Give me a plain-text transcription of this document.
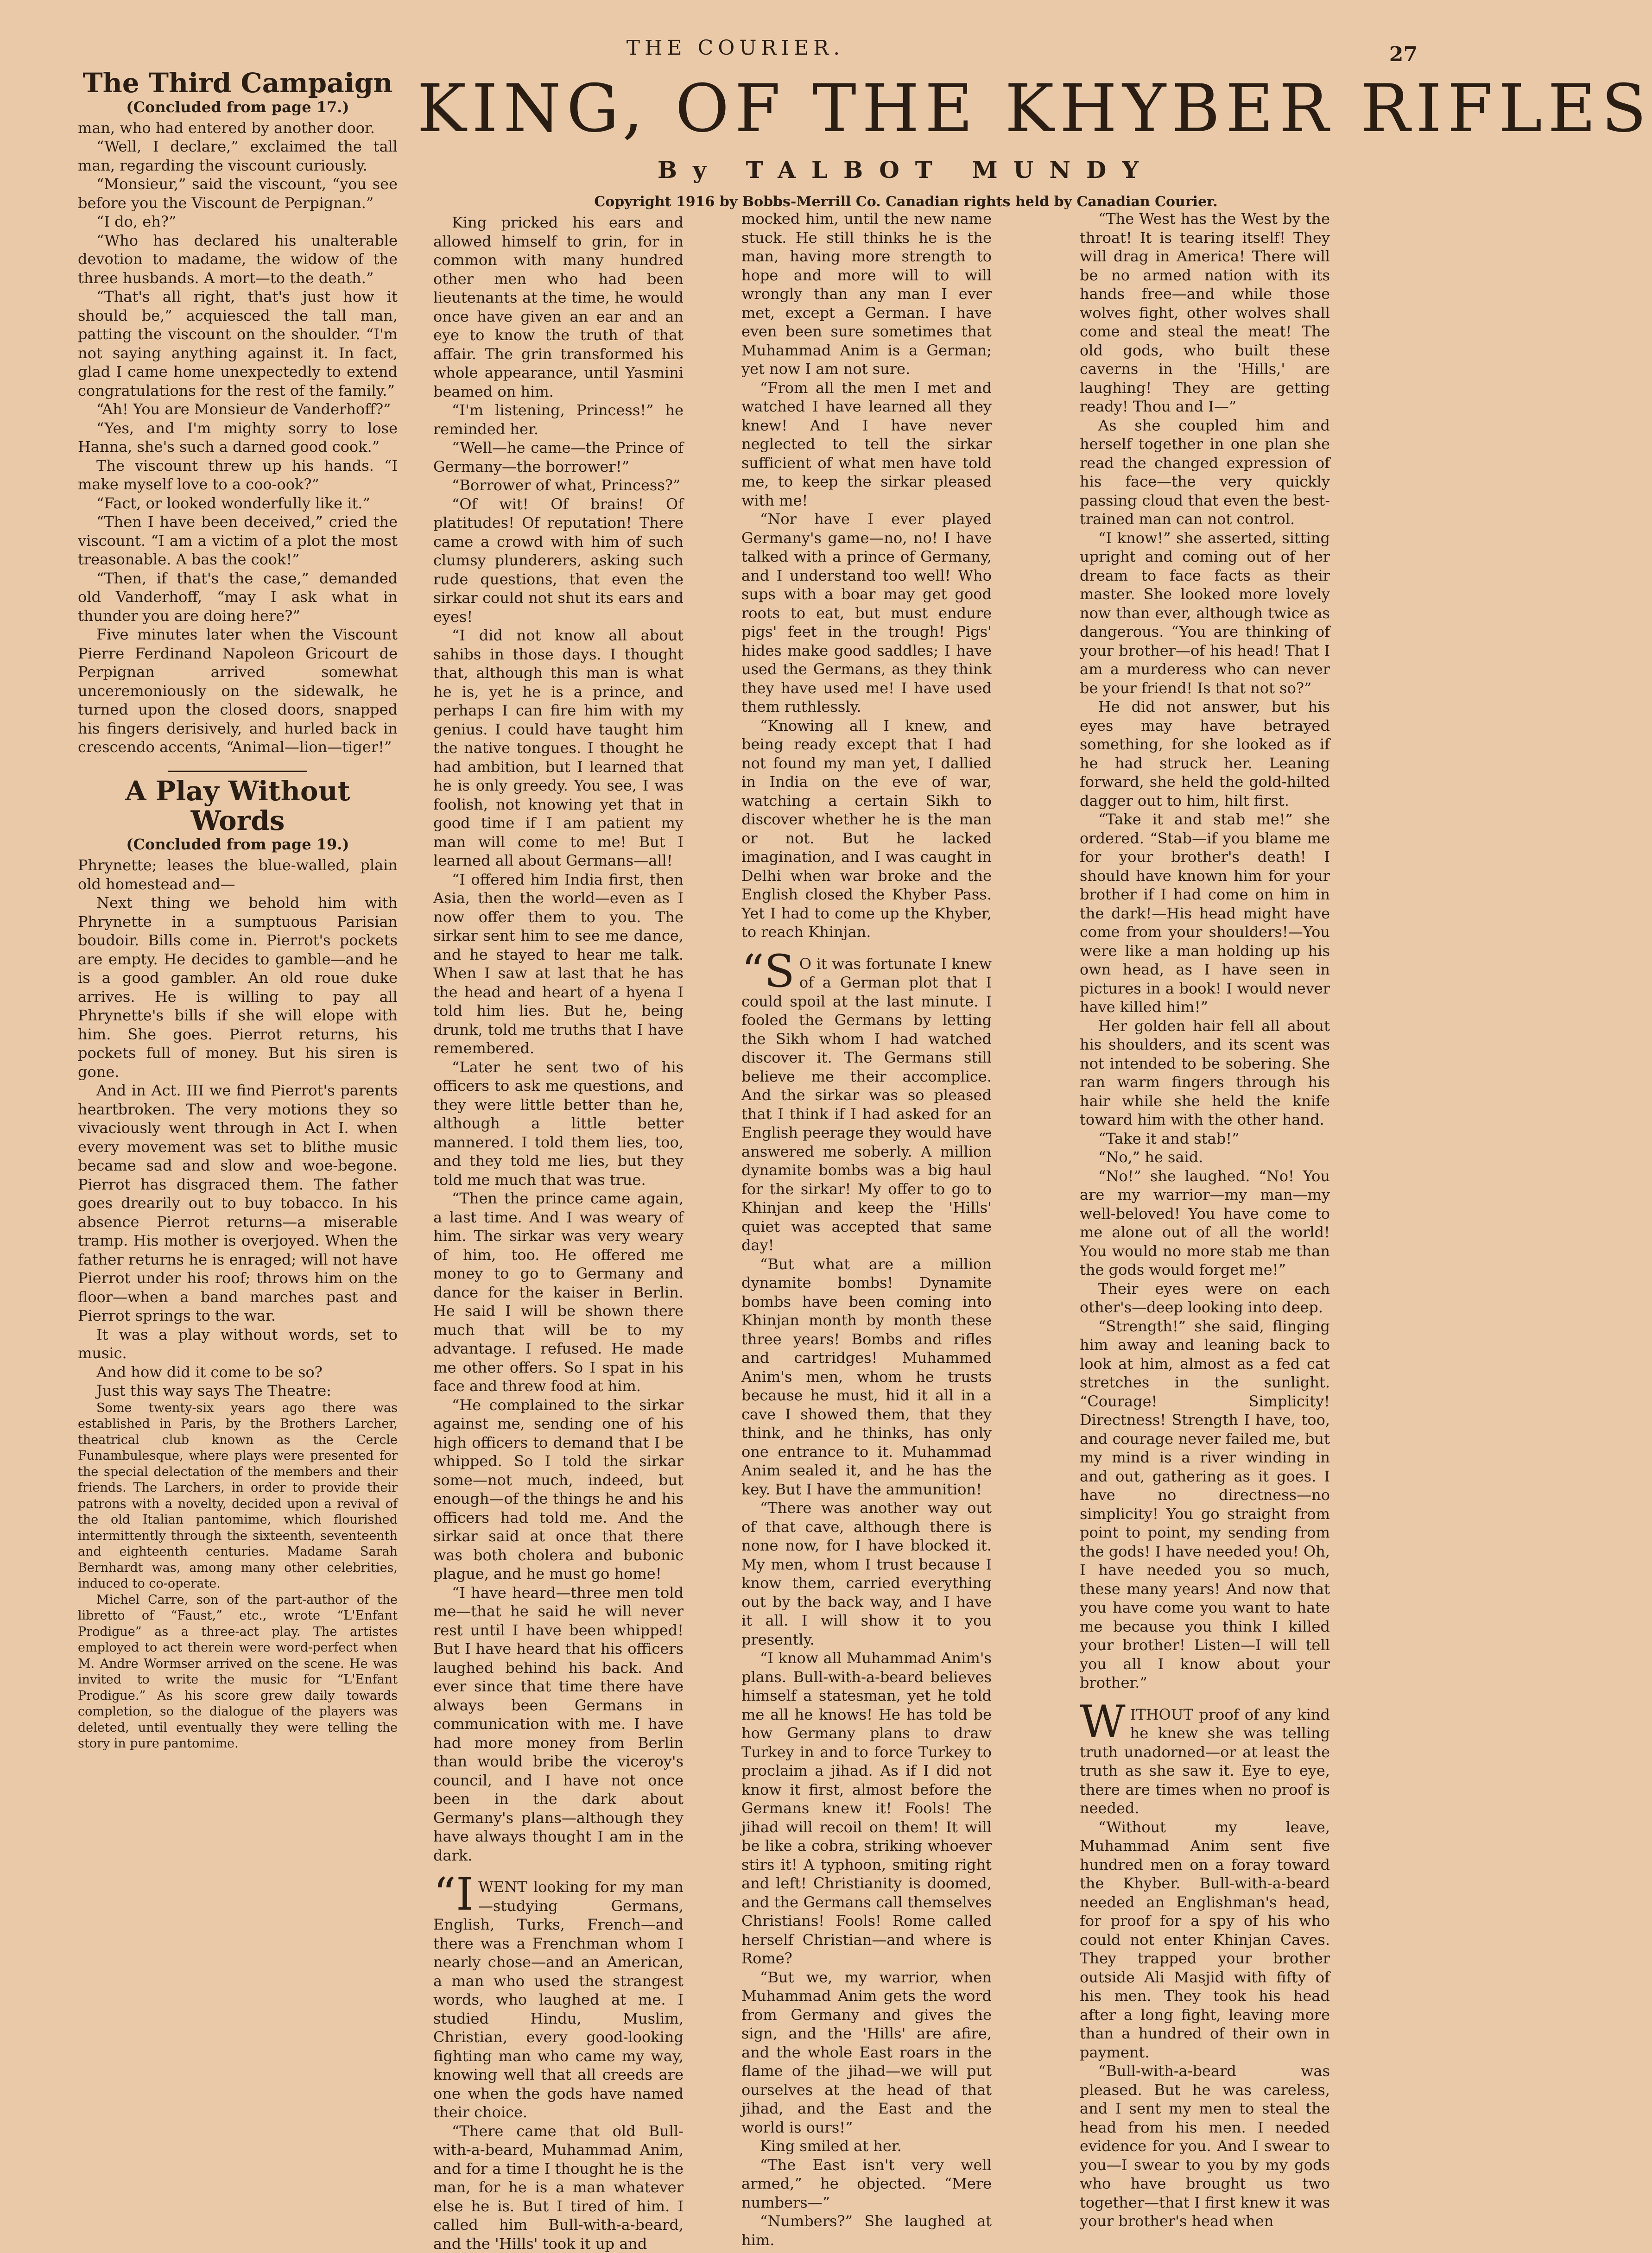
THE COURIER.	27
The Third Campaign
(Concluded from page 17.)

man, who had entered by another door.

“Well, I declare,” exclaimed the tall man, regarding the viscount curiously.

“Monsieur,” said the viscount, “you see before you the Viscount de Perpignan.”

“I do, eh?”

“Who has declared his unalterable devotion to madame, the widow of the three husbands. A mort—to the death.”

“That's all right, that's just how it should be,” acquiesced the tall man, patting the viscount on the shoulder. “I'm not saying anything against it. In fact, glad I came home unexpectedly to extend congratulations for the rest of the family.”

“Ah! You are Monsieur de Vanderhoff?”

“Yes, and I'm mighty sorry to lose Hanna, she's such a darned good cook.”

The viscount threw up his hands. “I make myself love to a coo-ook?”

“Fact, or looked wonderfully like it.”

“Then I have been deceived,” cried the viscount. “I am a victim of a plot the most treasonable. A bas the cook!”

“Then, if that's the case,” demanded old Vanderhoff, “may I ask what in thunder you are doing here?”

Five minutes later when the Viscount Pierre Ferdinand Napoleon Gricourt de Perpignan arrived somewhat unceremoniously on the sidewalk, he turned upon the closed doors, snapped his fingers derisively, and hurled back in crescendo accents, “Animal—lion—tiger!”

A Play Without Words
(Concluded from page 19.)

Phrynette; leases the blue-walled, plain old homestead and—

Next thing we behold him with Phrynette in a sumptuous Parisian boudoir. Bills come in. Pierrot's pockets are empty. He decides to gamble—and he is a good gambler. An old roue duke arrives. He is willing to pay all Phrynette's bills if she will elope with him. She goes. Pierrot returns, his pockets full of money. But his siren is gone.

And in Act. III we find Pierrot's parents heartbroken. The very motions they so vivaciously went through in Act I. when every movement was set to blithe music became sad and slow and woe-begone. Pierrot has disgraced them. The father goes drearily out to buy tobacco. In his absence Pierrot returns—a miserable tramp. His mother is overjoyed. When the father returns he is enraged; will not have Pierrot under his roof; throws him on the floor—when a band marches past and Pierrot springs to the war.

It was a play without words, set to music.

And how did it come to be so?

Just this way says The Theatre:

Some twenty-six years ago there was established in Paris, by the Brothers Larcher, theatrical club known as the Cercle Funambulesque, where plays were presented for the special delectation of the members and their friends. The Larchers, in order to provide their patrons with a novelty, decided upon a revival of the old Italian pantomime, which flourished intermittently through the sixteenth, seventeenth and eighteenth centuries. Madame Sarah Bernhardt was, among many other celebrities, induced to co-operate.

Michel Carre, son of the part-author of the libretto of “Faust,” etc., wrote “L'Enfant Prodigue” as a three-act play. The artistes employed to act therein were word-perfect when M. Andre Wormser arrived on the scene. He was invited to write the music for “L'Enfant Prodigue.” As his score grew daily towards completion, so the dialogue of the players was deleted, until eventually they were telling the story in pure pantomime.

KING, OF THE KHYBER RIFLES
By TALBOT MUNDY
Copyright 1916 by Bobbs-Merrill Co. Canadian rights held by Canadian Courier.

King pricked his ears and allowed himself to grin, for in common with many hundred other men who had been lieutenants at the time, he would once have given an ear and an eye to know the truth of that affair. The grin transformed his whole appearance, until Yasmini beamed on him.

“I'm listening, Princess!” he reminded her.

“Well—he came—the Prince of Germany—the borrower!”

“Borrower of what, Princess?”

“Of wit! Of brains! Of platitudes! Of reputation! There came a crowd with him of such clumsy plunderers, asking such rude questions, that even the sirkar could not shut its ears and eyes!

“I did not know all about sahibs in those days. I thought that, although this man is what he is, yet he is a prince, and perhaps I can fire him with my genius. I could have taught him the native tongues. I thought he had ambition, but I learned that he is only greedy. You see, I was foolish, not knowing yet that in good time if I am patient my man will come to me! But I learned all about Germans—all!

“I offered him India first, then Asia, then the world—even as I now offer them to you. The sirkar sent him to see me dance, and he stayed to hear me talk. When I saw at last that he has the head and heart of a hyena I told him lies. But he, being drunk, told me truths that I have remembered.

“Later he sent two of his officers to ask me questions, and they were little better than he, although a little better mannered. I told them lies, too, and they told me lies, but they told me much that was true.

“Then the prince came again, a last time. And I was weary of him. The sirkar was very weary of him, too. He offered me money to go to Germany and dance for the kaiser in Berlin. He said I will be shown there much that will be to my advantage. I refused. He made me other offers. So I spat in his face and threw food at him.

“He complained to the sirkar against me, sending one of his high officers to demand that I be whipped. So I told the sirkar some—not much, indeed, but enough—of the things he and his officers had told me. And the sirkar said at once that there was both cholera and bubonic plague, and he must go home!

“I have heard—three men told me—that he said he will never rest until I have been whipped! But I have heard that his officers laughed behind his back. And ever since that time there have always been Germans in communication with me. I have had more money from Berlin than would bribe the viceroy's council, and I have not once been in the dark about Germany's plans—although they have always thought I am in the dark.

“IWENT looking for my man—studying Germans, English, Turks, French—and there was a Frenchman whom I nearly chose—and an American, a man who used the strangest words, who laughed at me. I studied Hindu, Muslim, Christian, every good-looking fighting man who came my way, knowing well that all creeds are one when the gods have named their choice.

“There came that old Bull-with-a-beard, Muhammad Anim, and for a time I thought he is the man, for he is a man whatever else he is. But I tired of him. I called him Bull-with-a-beard, and the 'Hills' took it up and

mocked him, until the new name stuck. He still thinks he is the man, having more strength to hope and more will to will wrongly than any man I ever met, except a German. I have even been sure sometimes that Muhammad Anim is a German; yet now I am not sure.

“From all the men I met and watched I have learned all they knew! And I have never neglected to tell the sirkar sufficient of what men have told me, to keep the sirkar pleased with me!

“Nor have I ever played Germany's game—no, no! I have talked with a prince of Germany, and I understand too well! Who sups with a boar may get good roots to eat, but must endure pigs' feet in the trough! Pigs' hides make good saddles; I have used the Germans, as they think they have used me! I have used them ruthlessly.

“Knowing all I knew, and being ready except that I had not found my man yet, I dallied in India on the eve of war, watching a certain Sikh to discover whether he is the man or not. But he lacked imagination, and I was caught in Delhi when war broke and the English closed the Khyber Pass. Yet I had to come up the Khyber, to reach Khinjan.

“S O it was fortunate I knew of a German plot that I could spoil at the last minute. I fooled the Germans by letting the Sikh whom I had watched discover it. The Germans still believe me their accomplice. And the sirkar was so pleased that I think if I had asked for an English peerage they would have answered me soberly. A million dynamite bombs was a big haul for the sirkar! My offer to go to Khinjan and keep the 'Hills' quiet was accepted that same day!

“But what are a million dynamite bombs! Dynamite bombs have been coming into Khinjan month by month these three years! Bombs and rifles and cartridges! Muhammed Anim's men, whom he trusts because he must, hid it all in a cave I showed them, that they think, and he thinks, has only one entrance to it. Muhammad Anim sealed it, and he has the key. But I have the ammunition!

“There was another way out of that cave, although there is none now, for I have blocked it. My men, whom I trust because I know them, carried everything out by the back way, and I have it all. I will show it to you presently.

“I know all Muhammad Anim's plans. Bull-with-a-beard believes himself a statesman, yet he told me all he knows! He has told be how Germany plans to draw Turkey in and to force Turkey to proclaim a jihad. As if I did not know it first, almost before the Germans knew it! Fools! The jihad will recoil on them! It will be like a cobra, striking whoever stirs it! A typhoon, smiting right and left! Christianity is doomed, and the Germans call themselves Christians! Fools! Rome called herself Christian—and where is Rome?

“But we, my warrior, when Muhammad Anim gets the word from Germany and gives the sign, and the 'Hills' are afire, and the whole East roars in the flame of the jihad—we will put ourselves at the head of that jihad, and the East and the world is ours!”

King smiled at her.

“The East isn't very well armed,” he objected. “Mere numbers—”

“Numbers?” She laughed at him.

“The West has the West by the throat! It is tearing itself! They will drag in America! There will be no armed nation with its hands free—and while those wolves fight, other wolves shall come and steal the meat! The old gods, who built these caverns in the 'Hills,' are laughing! They are getting ready! Thou and I—”

As she coupled him and herself together in one plan she read the changed expression of his face—the very quickly passing cloud that even the best-trained man can not control.

“I know!” she asserted, sitting upright and coming out of her dream to face facts as their master. She looked more lovely now than ever, although twice as dangerous. “You are thinking of your brother—of his head! That I am a murderess who can never be your friend! Is that not so?”

He did not answer, but his eyes may have betrayed something, for she looked as if he had struck her. Leaning forward, she held the gold-hilted dagger out to him, hilt first.

“Take it and stab me!” she ordered. “Stab—if you blame me for your brother's death! I should have known him for your brother if I had come on him in the dark!—His head might have come from your shoulders!—You were like a man holding up his own head, as I have seen in pictures in a book! I would never have killed him!”

Her golden hair fell all about his shoulders, and its scent was not intended to be sobering. She ran warm fingers through his hair while she held the knife toward him with the other hand.

“Take it and stab!”

“No,” he said.

“No!” she laughed. “No! You are my warrior—my man—my well-beloved! You have come to me alone out of all the world! You would no more stab me than the gods would forget me!”

Their eyes were on each other's—deep looking into deep.

“Strength!” she said, flinging him away and leaning back to look at him, almost as a fed cat stretches in the sunlight. “Courage! Simplicity! Directness! Strength I have, too, and courage never failed me, but my mind is a river winding in and out, gathering as it goes. I have no directness—no simplicity! You go straight from point to point, my sending from the gods! I have needed you! Oh, I have needed you so much, these many years! And now that you have come you want to hate me because you think I killed your brother! Listen—I will tell you all I know about your brother.”

WITHOUT proof of any kind he knew she was telling truth unadorned—or at least the truth as she saw it. Eye to eye, there are times when no proof is needed.

“Without my leave, Muhammad Anim sent five hundred men on a foray toward the Khyber. Bull-with-a-beard needed an Englishman's head, for proof for a spy of his who could not enter Khinjan Caves. They trapped your brother outside Ali Masjid with fifty of his men. They took his head after a long fight, leaving more than a hundred of their own in payment.

“Bull-with-a-beard was pleased. But he was careless, and I sent my men to steal the head from his men. I needed evidence for you. And I swear to you—I swear to you by my gods who have brought us two together—that I first knew it was your brother's head when
